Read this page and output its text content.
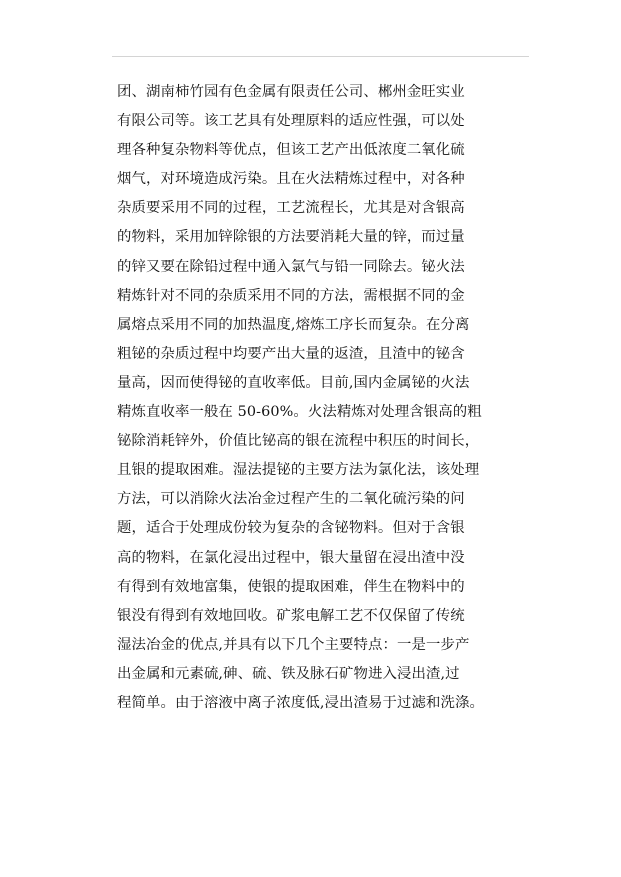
团、湖南柿竹园有色金属有限责任公司、郴州金旺实业
有限公司等。该工艺具有处理原料的适应性强，可以处
理各种复杂物料等优点，但该工艺产出低浓度二氧化硫
烟气，对环境造成污染。且在火法精炼过程中，对各种
杂质要采用不同的过程，工艺流程长，尤其是对含银高
的物料，采用加锌除银的方法要消耗大量的锌，而过量
的锌又要在除铅过程中通入氯气与铅一同除去。铋火法
精炼针对不同的杂质采用不同的方法，需根据不同的金
属熔点采用不同的加热温度,熔炼工序长而复杂。在分离
粗铋的杂质过程中均要产出大量的返渣，且渣中的铋含
量高，因而使得铋的直收率低。目前,国内金属铋的火法
精炼直收率一般在 50-60%。火法精炼对处理含银高的粗
铋除消耗锌外，价值比铋高的银在流程中积压的时间长，
且银的提取困难。湿法提铋的主要方法为氯化法，该处理
方法，可以消除火法冶金过程产生的二氧化硫污染的问
题，适合于处理成份较为复杂的含铋物料。但对于含银
高的物料，在氯化浸出过程中，银大量留在浸出渣中没
有得到有效地富集，使银的提取困难，伴生在物料中的
银没有得到有效地回收。矿浆电解工艺不仅保留了传统
湿法冶金的优点,并具有以下几个主要特点：一是一步产
出金属和元素硫,砷、硫、铁及脉石矿物进入浸出渣,过
程简单。由于溶液中离子浓度低,浸出渣易于过滤和洗涤。
